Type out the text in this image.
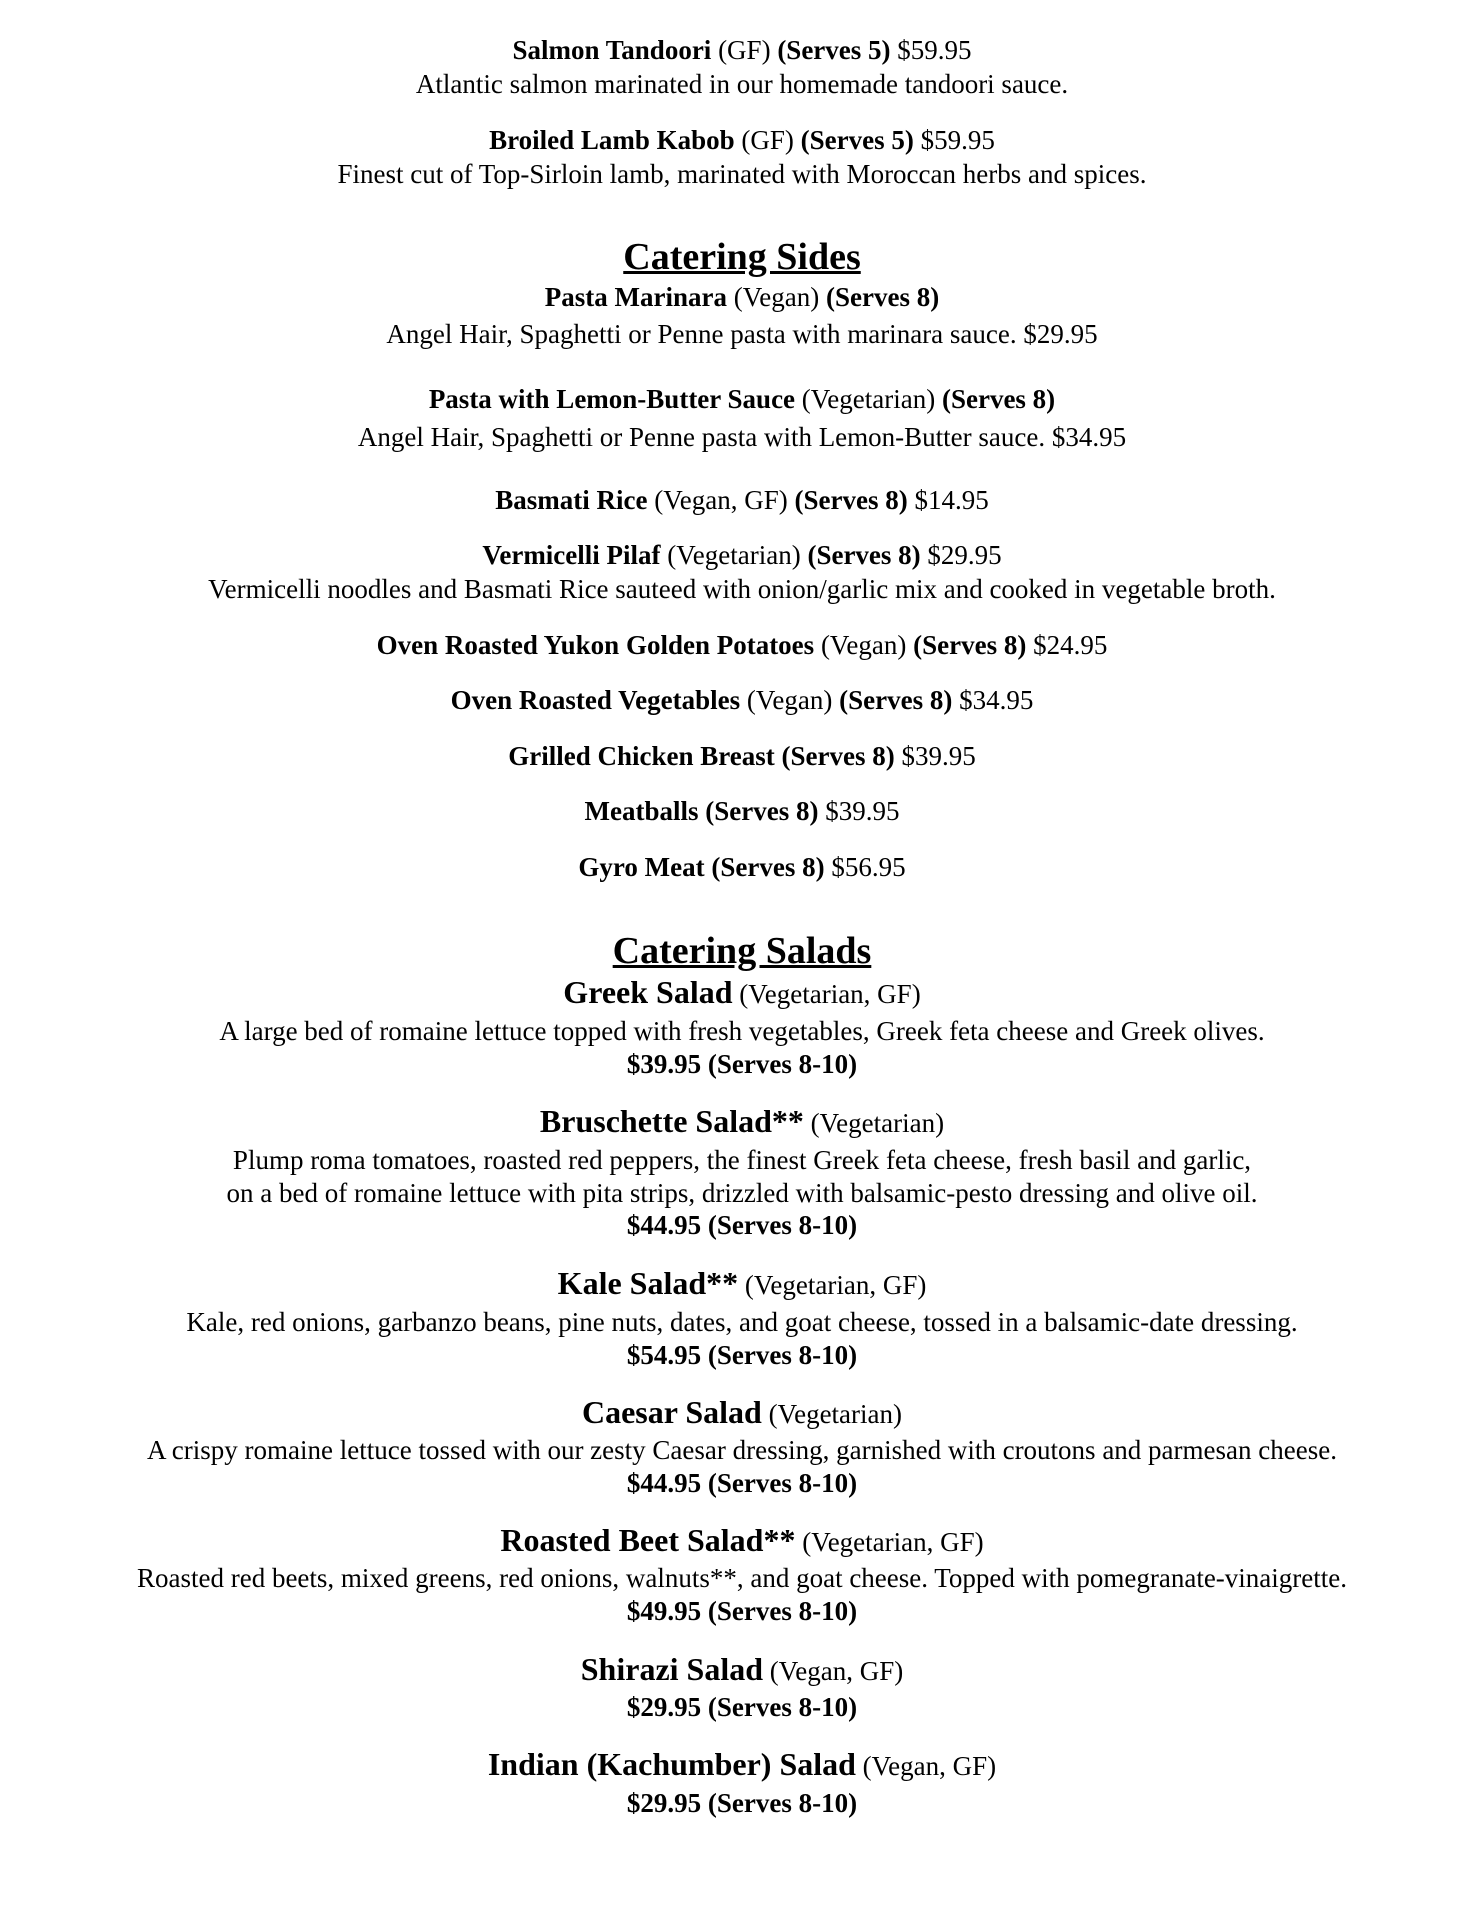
Salmon Tandoori (GF) (Serves 5) $59.95
Atlantic salmon marinated in our homemade tandoori sauce.
Broiled Lamb Kabob (GF) (Serves 5) $59.95
Finest cut of Top-Sirloin lamb, marinated with Moroccan herbs and spices.
Catering Sides
Pasta Marinara (Vegan) (Serves 8)
Angel Hair, Spaghetti or Penne pasta with marinara sauce. $29.95
Pasta with Lemon-Butter Sauce (Vegetarian) (Serves 8)
Angel Hair, Spaghetti or Penne pasta with Lemon-Butter sauce. $34.95
Basmati Rice (Vegan, GF) (Serves 8) $14.95
Vermicelli Pilaf (Vegetarian) (Serves 8) $29.95
Vermicelli noodles and Basmati Rice sauteed with onion/garlic mix and cooked in vegetable broth.
Oven Roasted Yukon Golden Potatoes (Vegan) (Serves 8) $24.95
Oven Roasted Vegetables (Vegan) (Serves 8) $34.95
Grilled Chicken Breast (Serves 8) $39.95
Meatballs (Serves 8) $39.95
Gyro Meat (Serves 8) $56.95
Catering Salads
Greek Salad (Vegetarian, GF)
A large bed of romaine lettuce topped with fresh vegetables, Greek feta cheese and Greek olives.
$39.95 (Serves 8-10)
Bruschette Salad** (Vegetarian)
Plump roma tomatoes, roasted red peppers, the finest Greek feta cheese, fresh basil and garlic,
on a bed of romaine lettuce with pita strips, drizzled with balsamic-pesto dressing and olive oil.
$44.95 (Serves 8-10)
Kale Salad** (Vegetarian, GF)
Kale, red onions, garbanzo beans, pine nuts, dates, and goat cheese, tossed in a balsamic-date dressing.
$54.95 (Serves 8-10)
Caesar Salad (Vegetarian)
A crispy romaine lettuce tossed with our zesty Caesar dressing, garnished with croutons and parmesan cheese.
$44.95 (Serves 8-10)
Roasted Beet Salad** (Vegetarian, GF)
Roasted red beets, mixed greens, red onions, walnuts**, and goat cheese. Topped with pomegranate-vinaigrette.
$49.95 (Serves 8-10)
Shirazi Salad (Vegan, GF)
$29.95 (Serves 8-10)
Indian (Kachumber) Salad (Vegan, GF)
$29.95 (Serves 8-10)
